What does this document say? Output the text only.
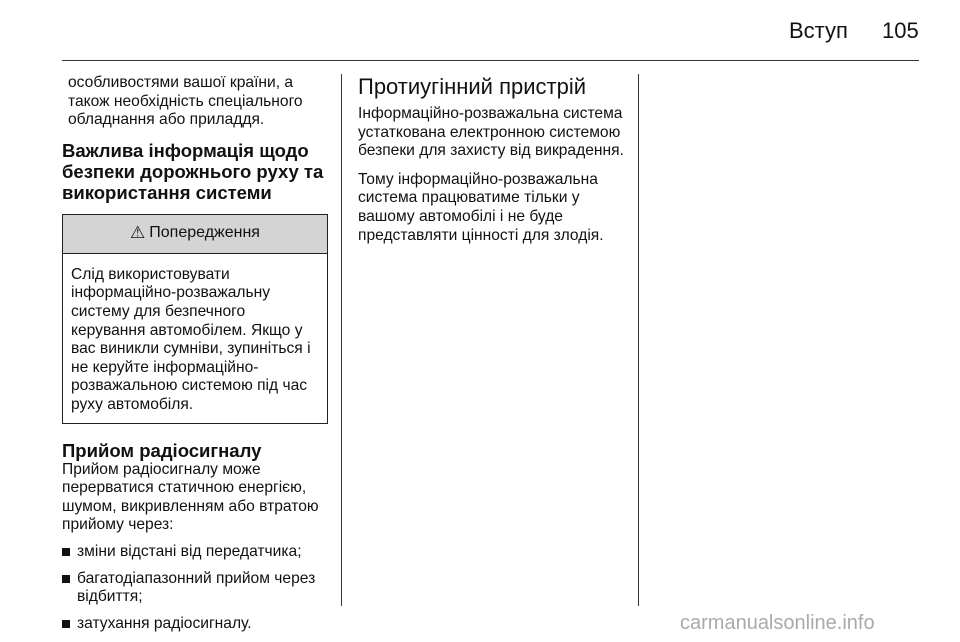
Вступ 105

особливостями вашої країни, а також необхідність спеціального обладнання або приладдя.

Важлива інформація щодо безпеки дорожнього руху та використання системи
⚠ Попередження

Слід використовувати інформаційно-розважальну систему для безпечного керування автомобілем. Якщо у вас виникли сумніви, зупиніться і не керуйте інформаційно-розважальною системою під час руху автомобіля.

Прийом радіосигналу

Прийом радіосигналу може перерватися статичною енергією, шумом, викривленням або втратою прийому через:

зміни відстані від передатчика;
багатодіапазонний прийом через відбиття;
затухання радіосигналу.
Протиугінний пристрій

Інформаційно-розважальна система устаткована електронною системою безпеки для захисту від викрадення.

Тому інформаційно-розважальна система працюватиме тільки у вашому автомобілі і не буде представляти цінності для злодія.

carmanualsonline.info
